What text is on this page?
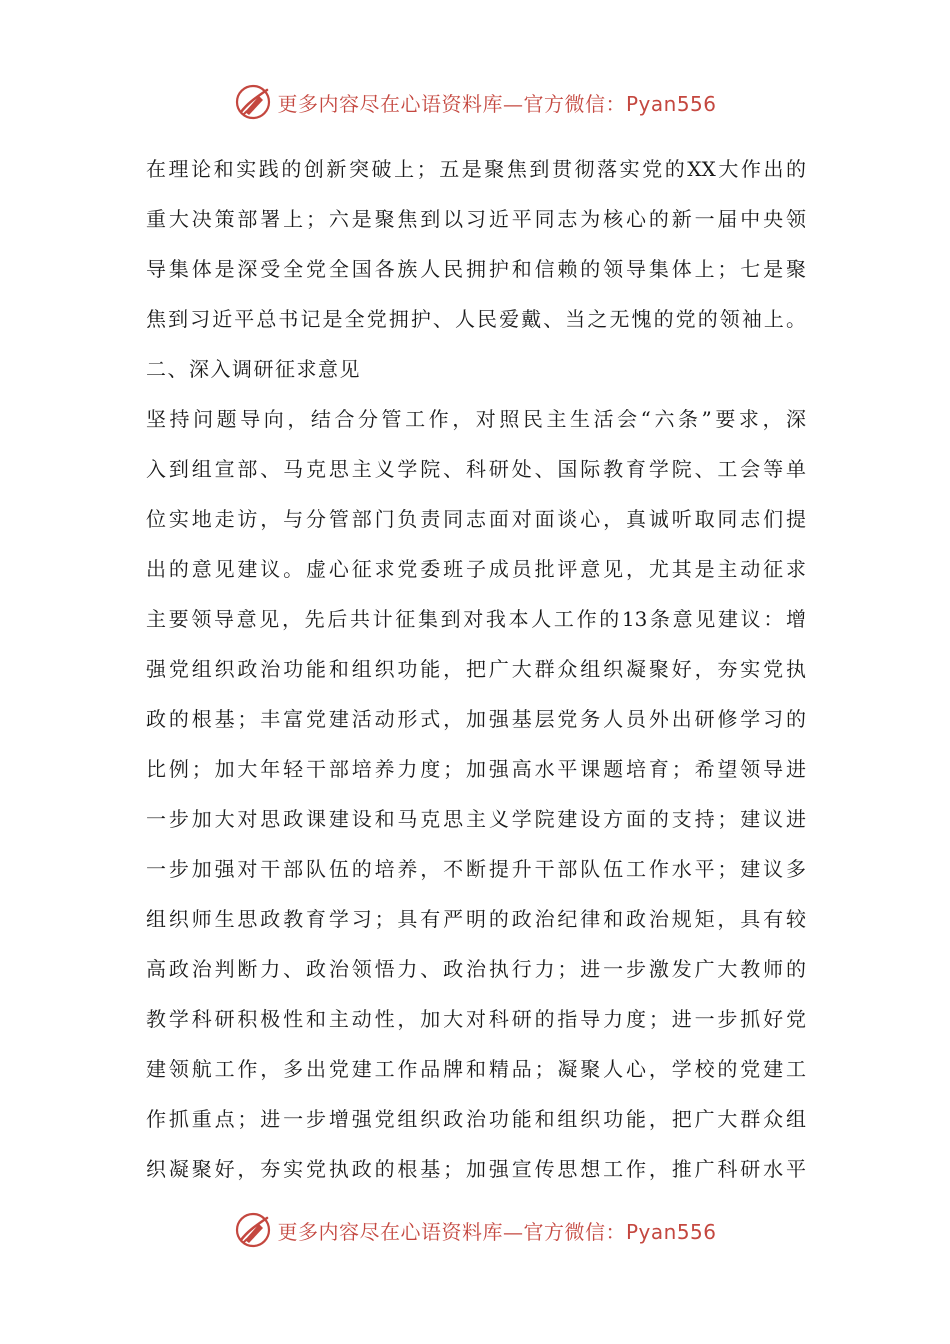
更多内容尽在心语资料库—官方微信：Pyan556
在理论和实践的创新突破上；五是聚焦到贯彻落实党的XX大作出的
重大决策部署上；六是聚焦到以习近平同志为核心的新一届中央领
导集体是深受全党全国各族人民拥护和信赖的领导集体上；七是聚
焦到习近平总书记是全党拥护、人民爱戴、当之无愧的党的领袖上。
二、深入调研征求意见
坚持问题导向，结合分管工作，对照民主生活会“六条”要求，深
入到组宣部、马克思主义学院、科研处、国际教育学院、工会等单
位实地走访，与分管部门负责同志面对面谈心，真诚听取同志们提
出的意见建议。虚心征求党委班子成员批评意见，尤其是主动征求
主要领导意见，先后共计征集到对我本人工作的13条意见建议：增
强党组织政治功能和组织功能，把广大群众组织凝聚好，夯实党执
政的根基；丰富党建活动形式，加强基层党务人员外出研修学习的
比例；加大年轻干部培养力度；加强高水平课题培育；希望领导进
一步加大对思政课建设和马克思主义学院建设方面的支持；建议进
一步加强对干部队伍的培养，不断提升干部队伍工作水平；建议多
组织师生思政教育学习；具有严明的政治纪律和政治规矩，具有较
高政治判断力、政治领悟力、政治执行力；进一步激发广大教师的
教学科研积极性和主动性，加大对科研的指导力度；进一步抓好党
建领航工作，多出党建工作品牌和精品；凝聚人心，学校的党建工
作抓重点；进一步增强党组织政治功能和组织功能，把广大群众组
织凝聚好，夯实党执政的根基；加强宣传思想工作，推广科研水平
更多内容尽在心语资料库—官方微信：Pyan556
